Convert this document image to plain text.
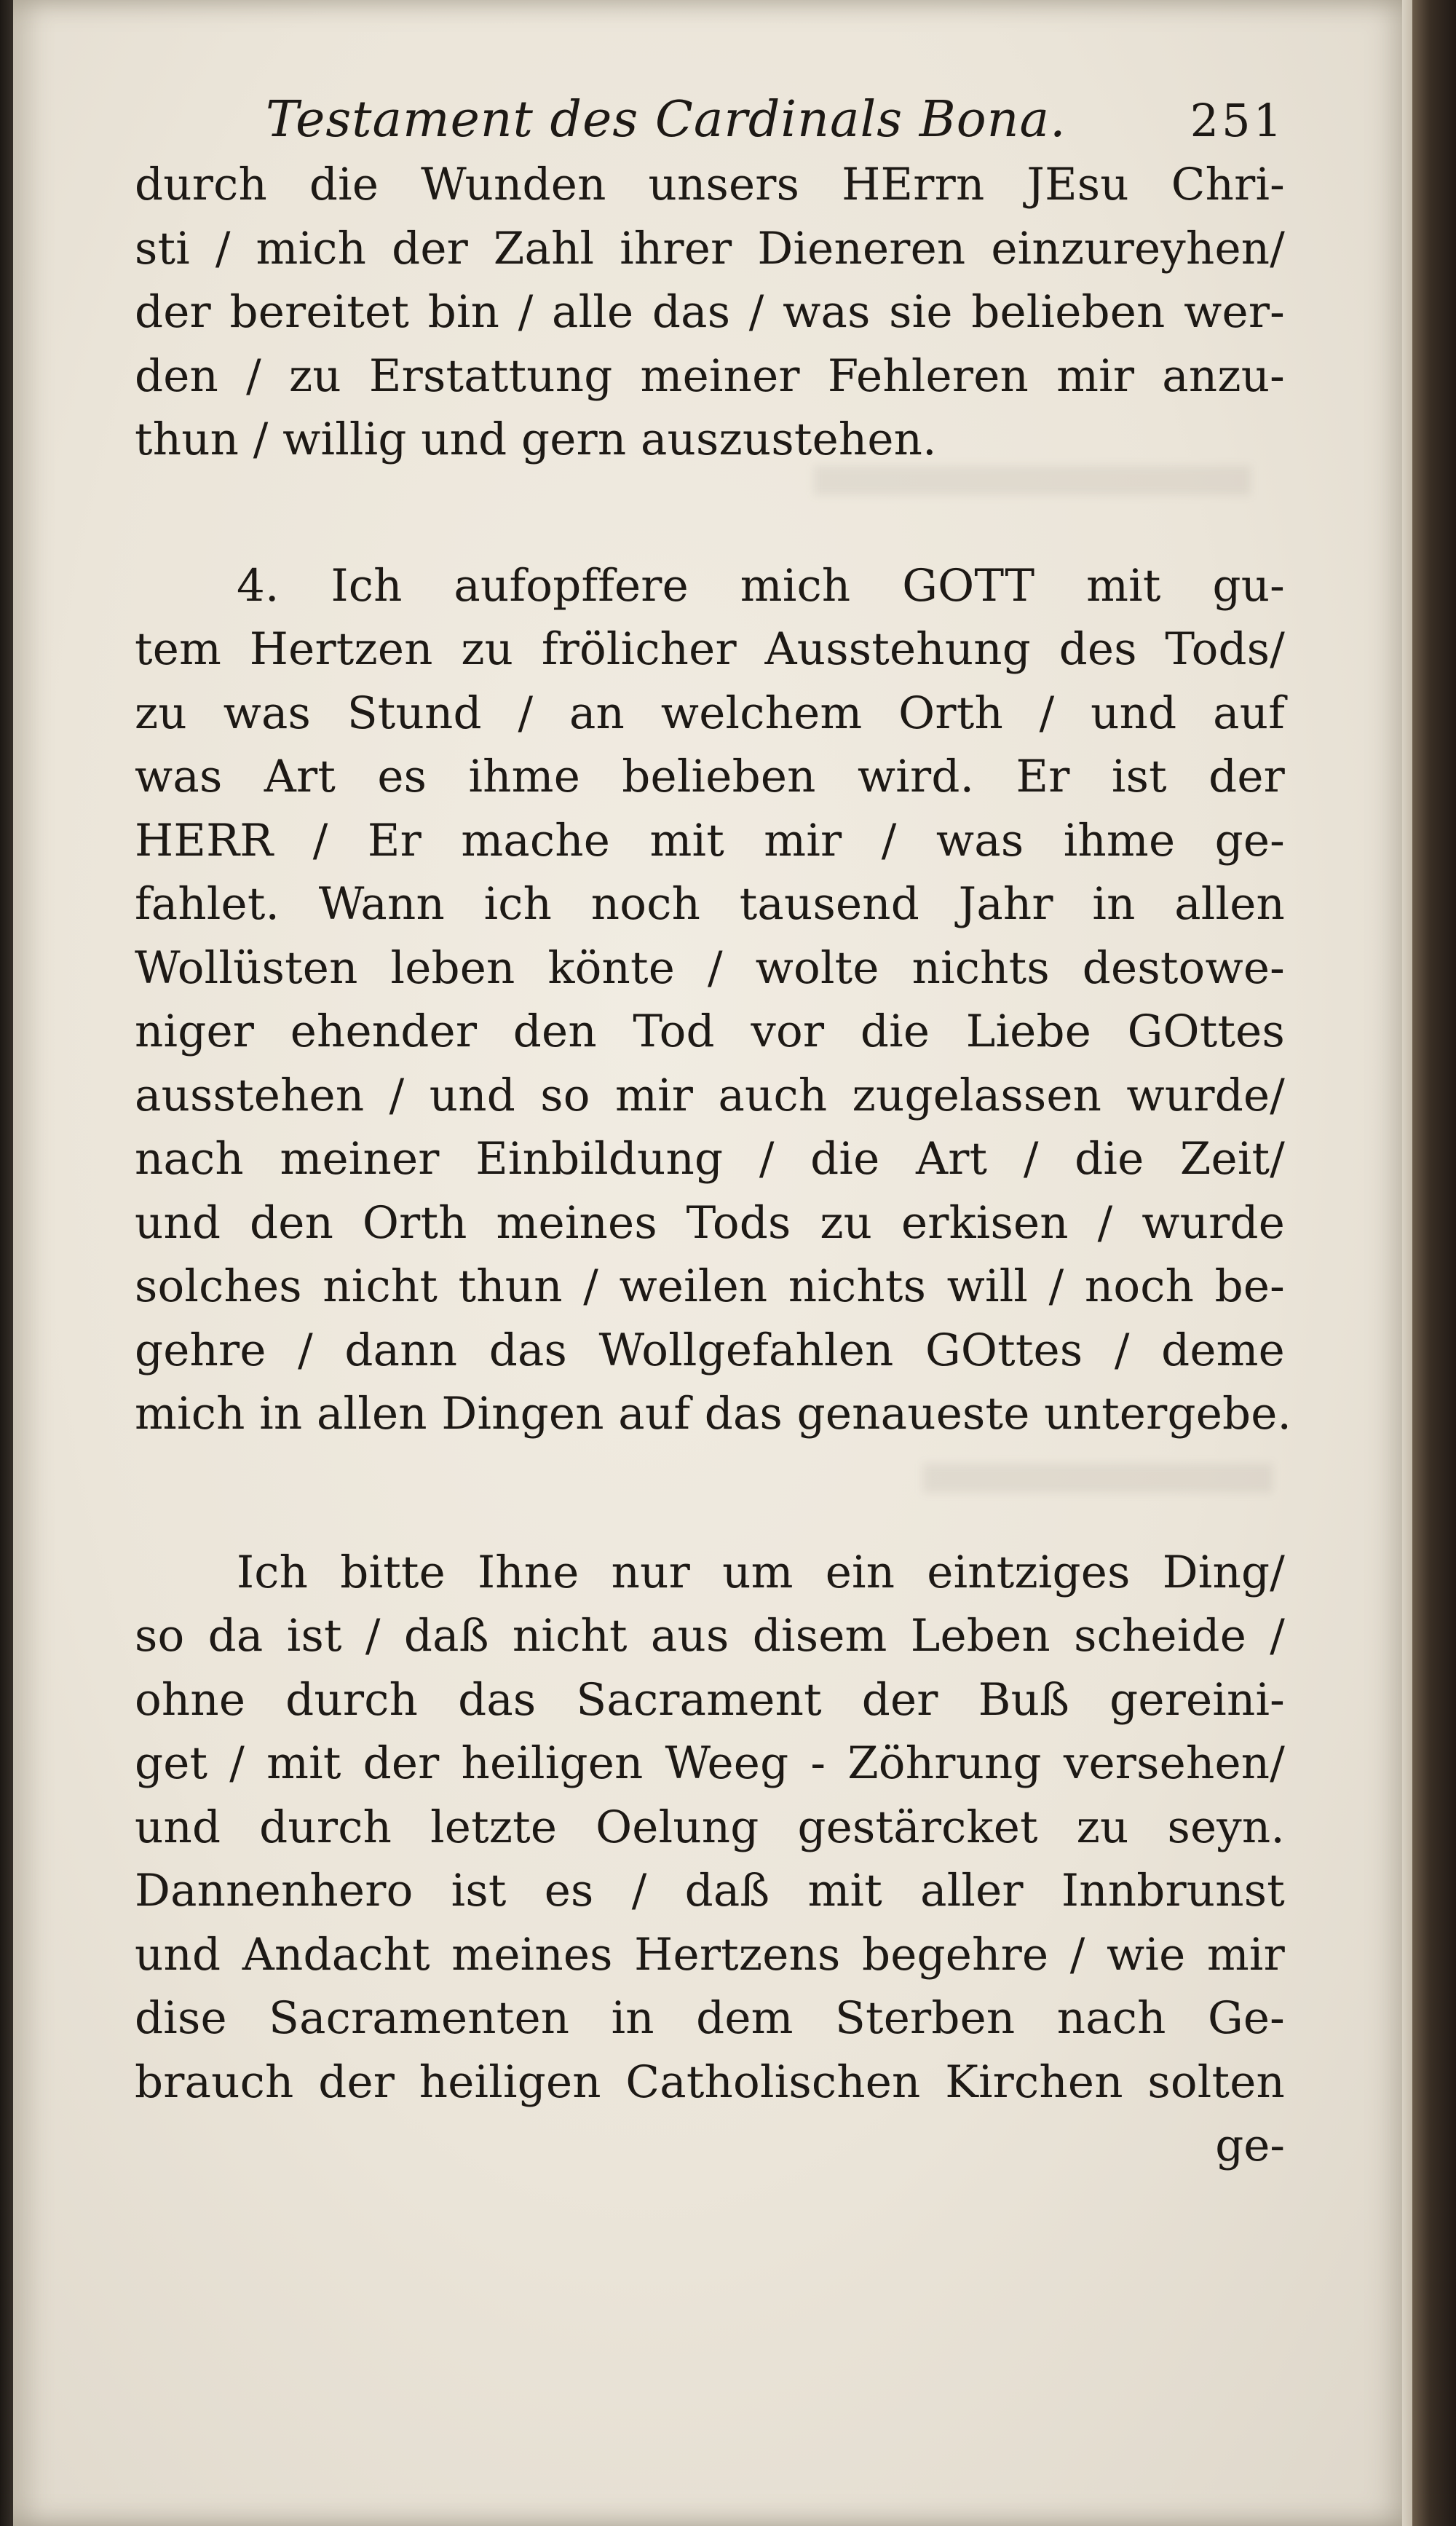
Testament des Cardinals Bona.	251
durch die Wunden unsers HErrn JEsu Chri-
sti / mich der Zahl ihrer Dieneren einzureyhen/
der bereitet bin / alle das / was sie belieben wer-
den / zu Erstattung meiner Fehleren mir anzu-
thun / willig und gern auszustehen.
4. Ich aufopffere mich GOTT mit gu-
tem Hertzen zu frölicher Ausstehung des Tods/
zu was Stund / an welchem Orth / und auf
was Art es ihme belieben wird. Er ist der
HERR / Er mache mit mir / was ihme ge-
fahlet. Wann ich noch tausend Jahr in allen
Wollüsten leben könte / wolte nichts destowe-
niger ehender den Tod vor die Liebe GOttes
ausstehen / und so mir auch zugelassen wurde/
nach meiner Einbildung / die Art / die Zeit/
und den Orth meines Tods zu erkisen / wurde
solches nicht thun / weilen nichts will / noch be-
gehre / dann das Wollgefahlen GOttes / deme
mich in allen Dingen auf das genaueste untergebe.
Ich bitte Ihne nur um ein eintziges Ding/
so da ist / daß nicht aus disem Leben scheide /
ohne durch das Sacrament der Buß gereini-
get / mit der heiligen Weeg - Zöhrung versehen/
und durch letzte Oelung gestärcket zu seyn.
Dannenhero ist es / daß mit aller Innbrunst
und Andacht meines Hertzens begehre / wie mir
dise Sacramenten in dem Sterben nach Ge-
brauch der heiligen Catholischen Kirchen solten
ge-
